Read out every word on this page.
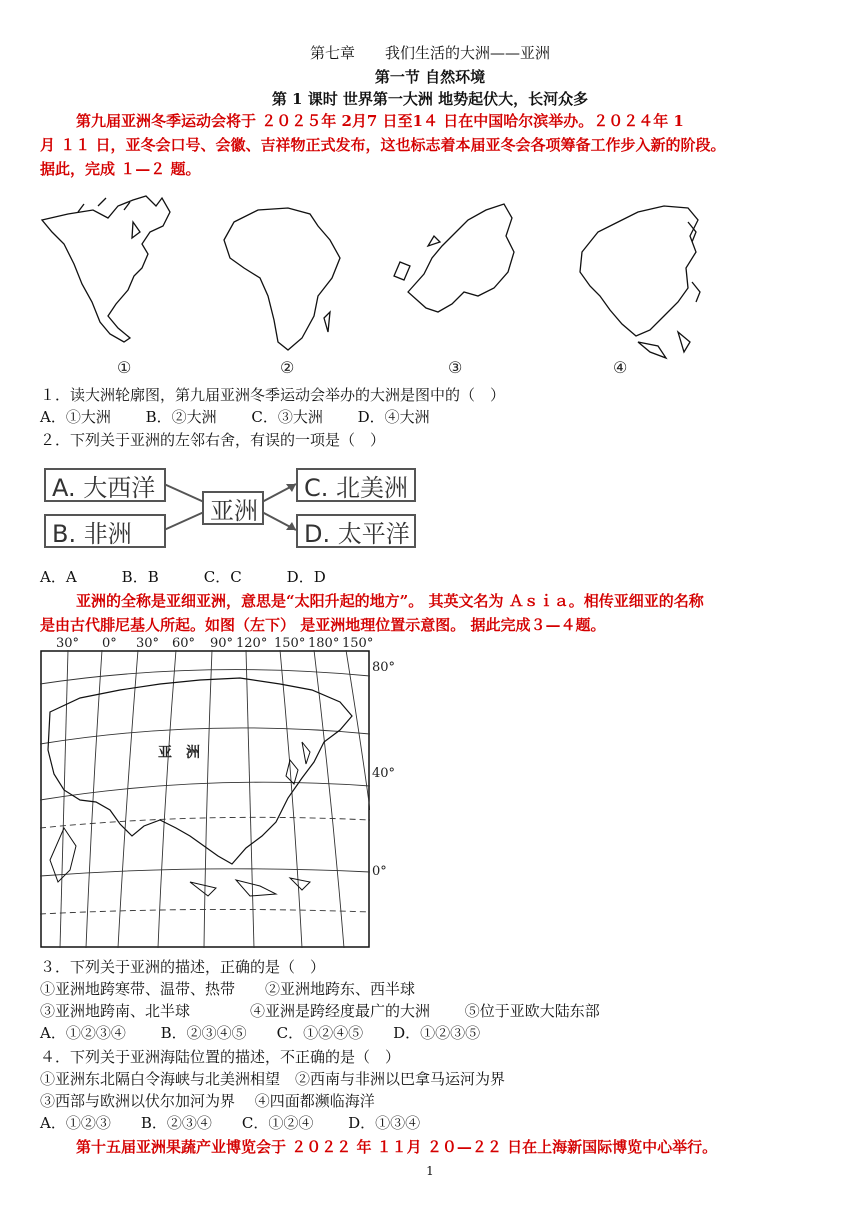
第七章　　我们生活的大洲——亚洲
第一节 自然环境
第 1 课时 世界第一大洲 地势起伏大，长河众多
第九届亚洲冬季运动会将于 ２０２５年 2月7 日至1４ 日在中国哈尔滨举办。２０２４年 1
月 １１ 日，亚冬会口号、会徽、吉祥物正式发布，这也标志着本届亚冬会各项筹备工作步入新的阶段。
据此，完成 １—２ 题。
①	②	③	④
１．读大洲轮廓图，第九届亚洲冬季运动会举办的大洲是图中的（　）
A．①大洲　　 B．②大洲　　 C．③大洲　　 D．④大洲
２．下列关于亚洲的左邻右舍，有误的一项是（　）
A. 大西洋
B. 非洲
亚洲
C. 北美洲
D. 太平洋
A．A　　　B．B　　　C．C　　　D．D
亚洲的全称是亚细亚洲，意思是“太阳升起的地方”。 其英文名为 Ａｓｉａ。相传亚细亚的名称
是由古代腓尼基人所起。如图（左下） 是亚洲地理位置示意图。 据此完成３—４题。
30° 0° 30° 60° 90° 120° 150° 180° 150°
80°
40°
0°
亚　洲
３．下列关于亚洲的描述，正确的是（　）
①亚洲地跨寒带、温带、热带　　②亚洲地跨东、西半球
③亚洲地跨南、北半球　　　　④亚洲是跨经度最广的大洲　　 ⑤位于亚欧大陆东部
A．①②③④　　 B．②③④⑤　　C．①②④⑤　　D．①②③⑤
４．下列关于亚洲海陆位置的描述，不正确的是（　）
①亚洲东北隔白令海峡与北美洲相望　②西南与非洲以巴拿马运河为界
③西部与欧洲以伏尔加河为界　 ④四面都濒临海洋
A．①②③　　B．②③④　　C．①②④　　 D．①③④
第十五届亚洲果蔬产业博览会于 ２０２２ 年 １１月 ２０—２２ 日在上海新国际博览中心举行。
1
